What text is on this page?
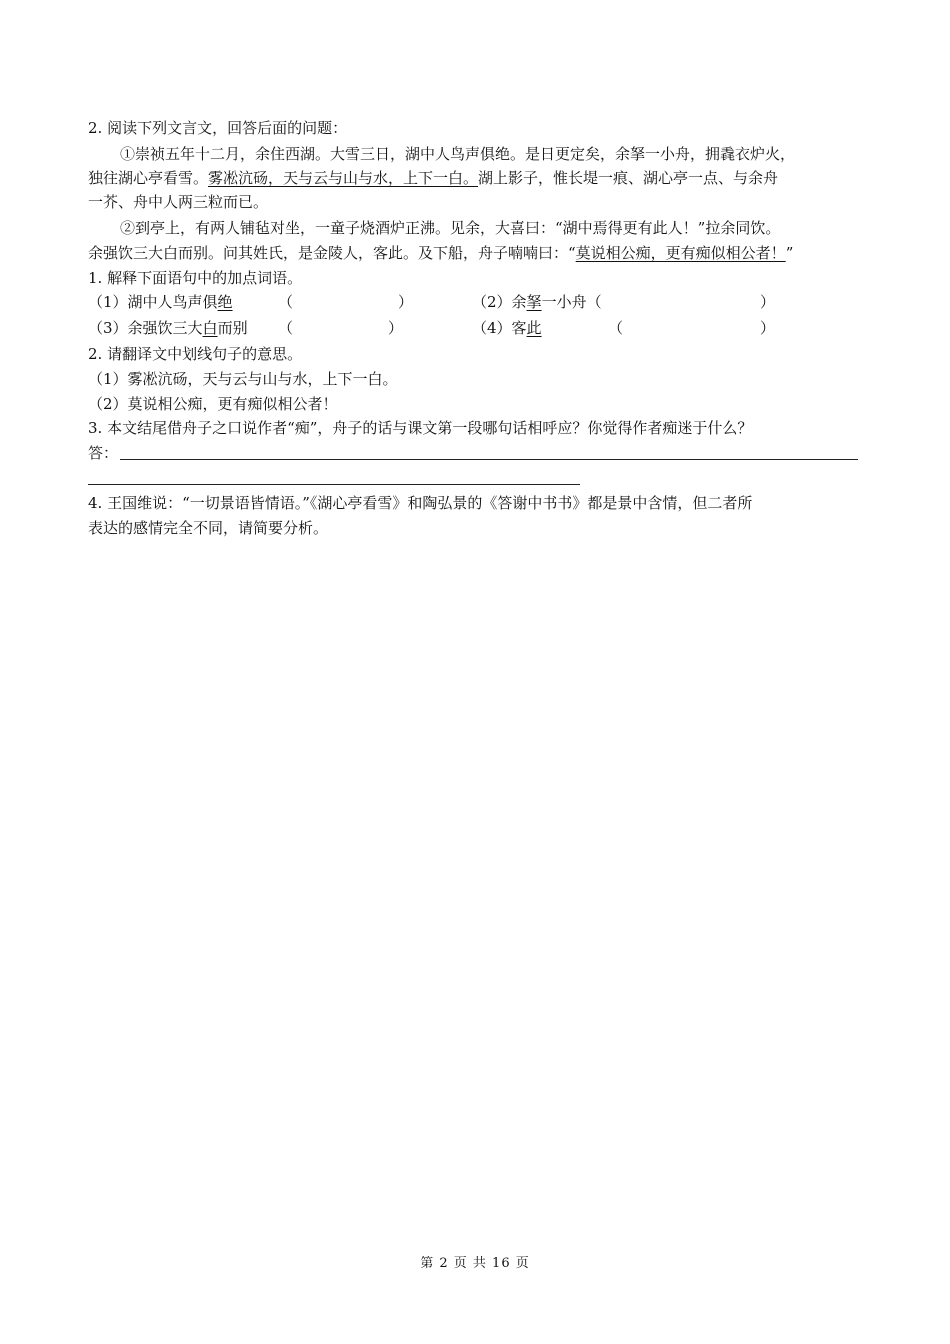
2. 阅读下列文言文，回答后面的问题：
①崇祯五年十二月，余住西湖。大雪三日，湖中人鸟声俱绝。是日更定矣，余拏一小舟，拥毳衣炉火，
独往湖心亭看雪。雾凇沆砀，天与云与山与水，上下一白。湖上影子，惟长堤一痕、湖心亭一点、与余舟
一芥、舟中人两三粒而已。
②到亭上，有两人铺毡对坐，一童子烧酒炉正沸。见余，大喜曰：“湖中焉得更有此人！”拉余同饮。
余强饮三大白而别。问其姓氏，是金陵人，客此。及下船，舟子喃喃曰：“莫说相公痴，更有痴似相公者！”
1. 解释下面语句中的加点词语。
（1）湖中人鸟声俱绝	（	）	（2）余拏一小舟（	）
（3）余强饮三大白而别 （	）	（4）客此	（	）
2. 请翻译文中划线句子的意思。
（1）雾凇沆砀，天与云与山与水，上下一白。
（2）莫说相公痴，更有痴似相公者！
3. 本文结尾借舟子之口说作者“痴”，舟子的话与课文第一段哪句话相呼应？你觉得作者痴迷于什么？
答：
4. 王国维说：“一切景语皆情语。”《湖心亭看雪》和陶弘景的《答谢中书书》都是景中含情，但二者所
表达的感情完全不同，请简要分析。
第 2 页 共 16 页
